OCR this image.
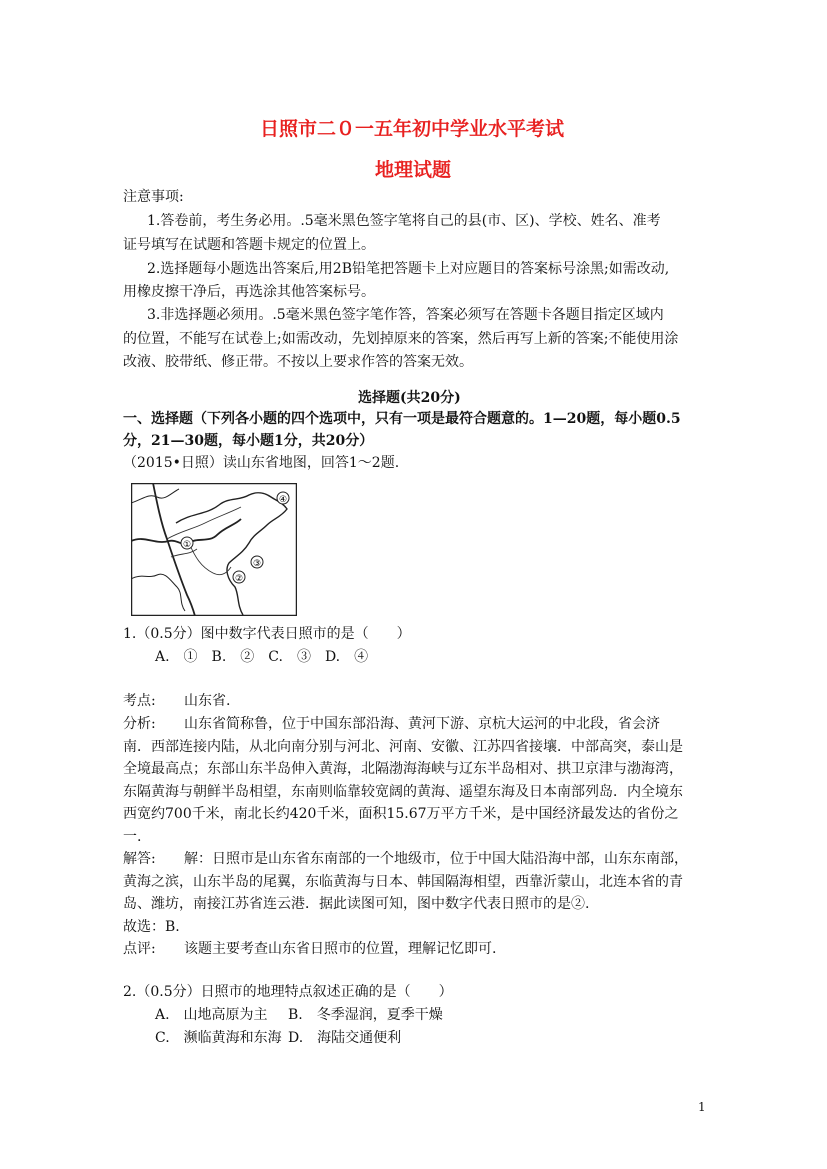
日照市二０一五年初中学业水平考试
地理试题
注意事项:
1.答卷前，考生务必用。.5毫米黑色签字笔将自己的县(市、区)、学校、姓名、准考
证号填写在试题和答题卡规定的位置上。
2.选择题每小题选出答案后,用2B铅笔把答题卡上对应题目的答案标号涂黑;如需改动,
用橡皮擦干净后，再选涂其他答案标号。
3.非选择题必须用。.5毫米黑色签字笔作答，答案必须写在答题卡各题目指定区域内
的位置，不能写在试卷上;如需改动，先划掉原来的答案，然后再写上新的答案;不能使用涂
改液、胶带纸、修正带。不按以上要求作答的答案无效。
选择题(共20分)
一、选择题（下列各小题的四个选项中，只有一项是最符合题意的。1—20题，每小题0.5
分，21—30题，每小题1分，共20分）
（2015•日照）读山东省地图，回答1～2题.
①
②
③
④
1.（0.5分）图中数字代表日照市的是（　　）
A.　①　B.　②　C.　③　D.　④
考点: 山东省.
分析: 山东省简称鲁，位于中国东部沿海、黄河下游、京杭大运河的中北段，省会济
南．西部连接内陆，从北向南分别与河北、河南、安徽、江苏四省接壤．中部高突，泰山是
全境最高点；东部山东半岛伸入黄海，北隔渤海海峡与辽东半岛相对、拱卫京津与渤海湾，
东隔黄海与朝鲜半岛相望，东南则临靠较宽阔的黄海、遥望东海及日本南部列岛．内全境东
西宽约700千米，南北长约420千米，面积15.67万平方千米，是中国经济最发达的省份之
一.
解答: 解：日照市是山东省东南部的一个地级市，位于中国大陆沿海中部，山东东南部，
黄海之滨，山东半岛的尾翼，东临黄海与日本、韩国隔海相望，西靠沂蒙山，北连本省的青
岛、潍坊，南接江苏省连云港．据此读图可知，图中数字代表日照市的是②.
故选：B.
点评: 该题主要考查山东省日照市的位置，理解记忆即可.
2.（0.5分）日照市的地理特点叙述正确的是（　　）
A.　山地高原为主 B.　冬季湿润，夏季干燥
C.　濒临黄海和东海 D.　海陆交通便利
1
